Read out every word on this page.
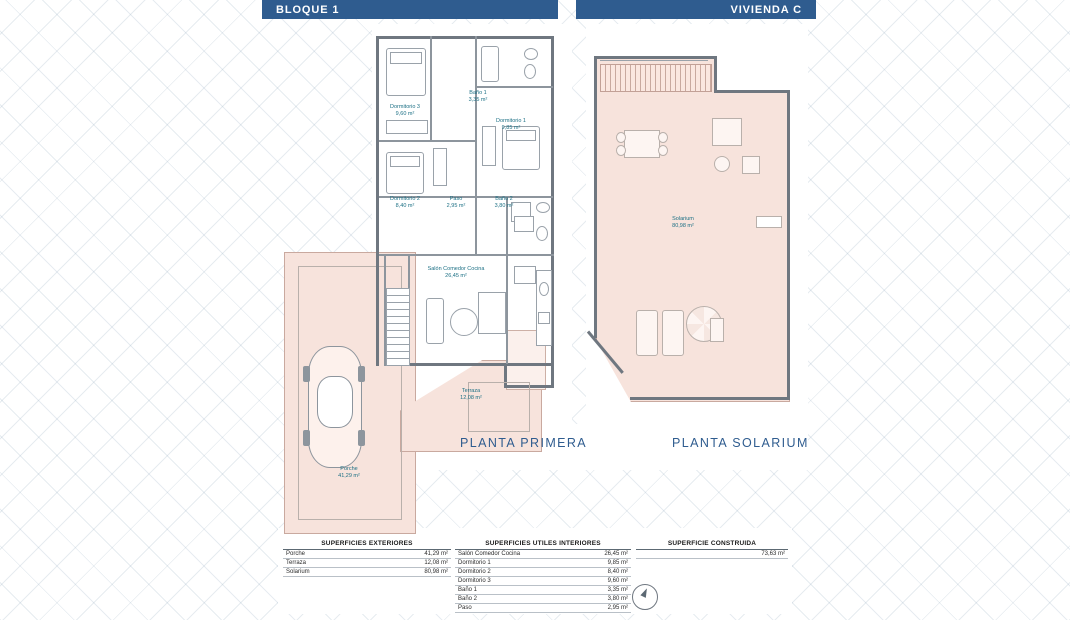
BLOQUE 1	VIVIENDA C
Baño 1
3,35 m²
Dormitorio 3
9,60 m²
Dormitorio 1
9,85 m²
Dormitorio 2
8,40 m²
Paso
2,95 m²
Baño 2
3,80 m²
Salón Comedor Cocina
26,45 m²
Terraza
12,08 m²
Porche
41,29 m²
PLANTA PRIMERA
Solarium
80,98 m²
PLANTA SOLARIUM
SUPERFICIES EXTERIORES
Porche	41,29 m²
Terraza	12,08 m²
Solarium	80,98 m²
SUPERFICIES UTILES INTERIORES
Salón Comedor Cocina	26,45 m²
Dormitorio 1	9,85 m²
Dormitorio 2	8,40 m²
Dormitorio 3	9,60 m²
Baño 1	3,35 m²
Baño 2	3,80 m²
Paso	2,95 m²
SUPERFICIE CONSTRUIDA
	73,63 m²
